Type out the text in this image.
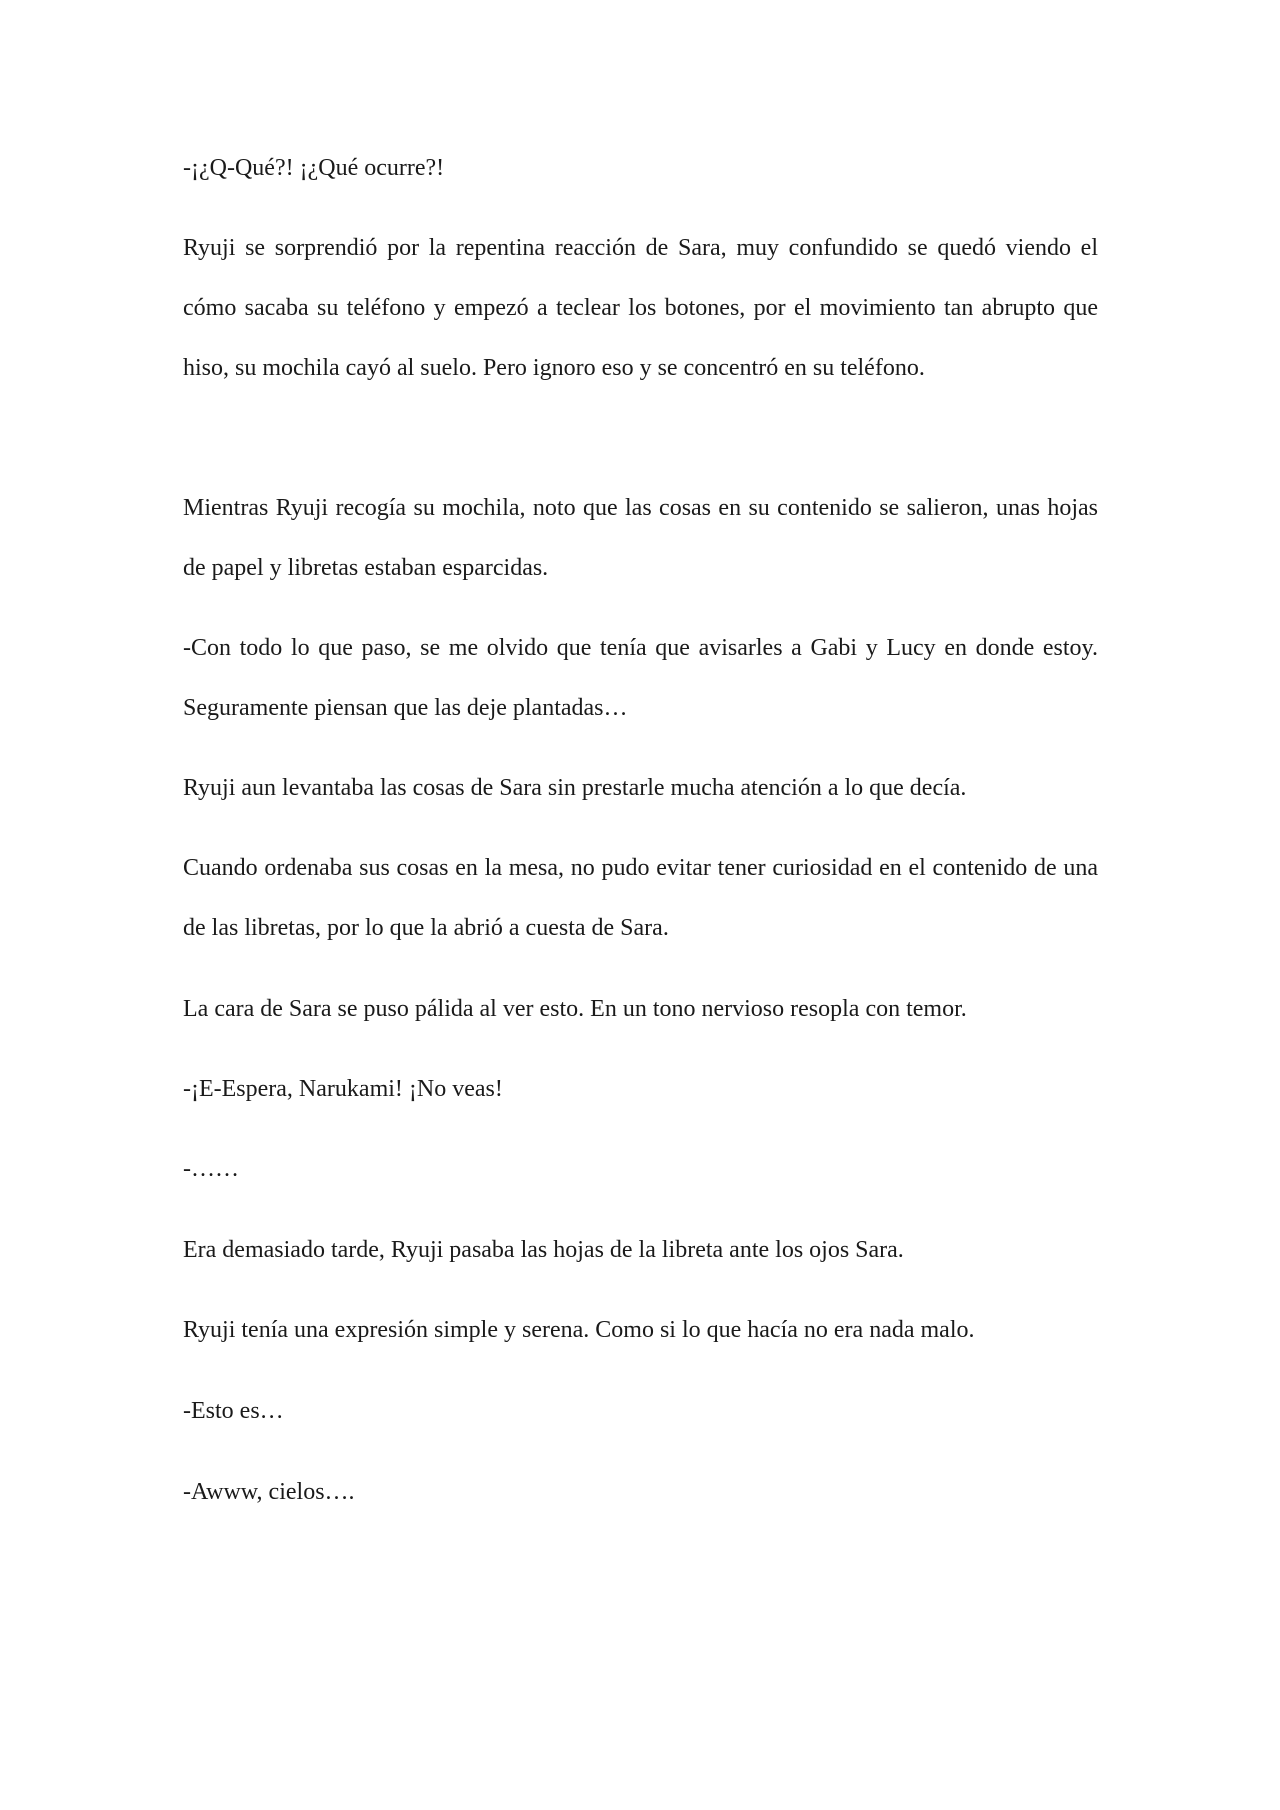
-¡¿Q-Qué?! ¡¿Qué ocurre?!

Ryuji se sorprendió por la repentina reacción de Sara, muy confundido se quedó viendo el cómo sacaba su teléfono y empezó a teclear los botones, por el movimiento tan abrupto que hiso, su mochila cayó al suelo. Pero ignoro eso y se concentró en su teléfono.

Mientras Ryuji recogía su mochila, noto que las cosas en su contenido se salieron, unas hojas de papel y libretas estaban esparcidas.

-Con todo lo que paso, se me olvido que tenía que avisarles a Gabi y Lucy en donde estoy. Seguramente piensan que las deje plantadas…

Ryuji aun levantaba las cosas de Sara sin prestarle mucha atención a lo que decía.

Cuando ordenaba sus cosas en la mesa, no pudo evitar tener curiosidad en el contenido de una de las libretas, por lo que la abrió a cuesta de Sara.

La cara de Sara se puso pálida al ver esto. En un tono nervioso resopla con temor.

-¡E-Espera, Narukami! ¡No veas!

-……

Era demasiado tarde, Ryuji pasaba las hojas de la libreta ante los ojos Sara.

Ryuji tenía una expresión simple y serena. Como si lo que hacía no era nada malo.

-Esto es…

-Awww, cielos….
